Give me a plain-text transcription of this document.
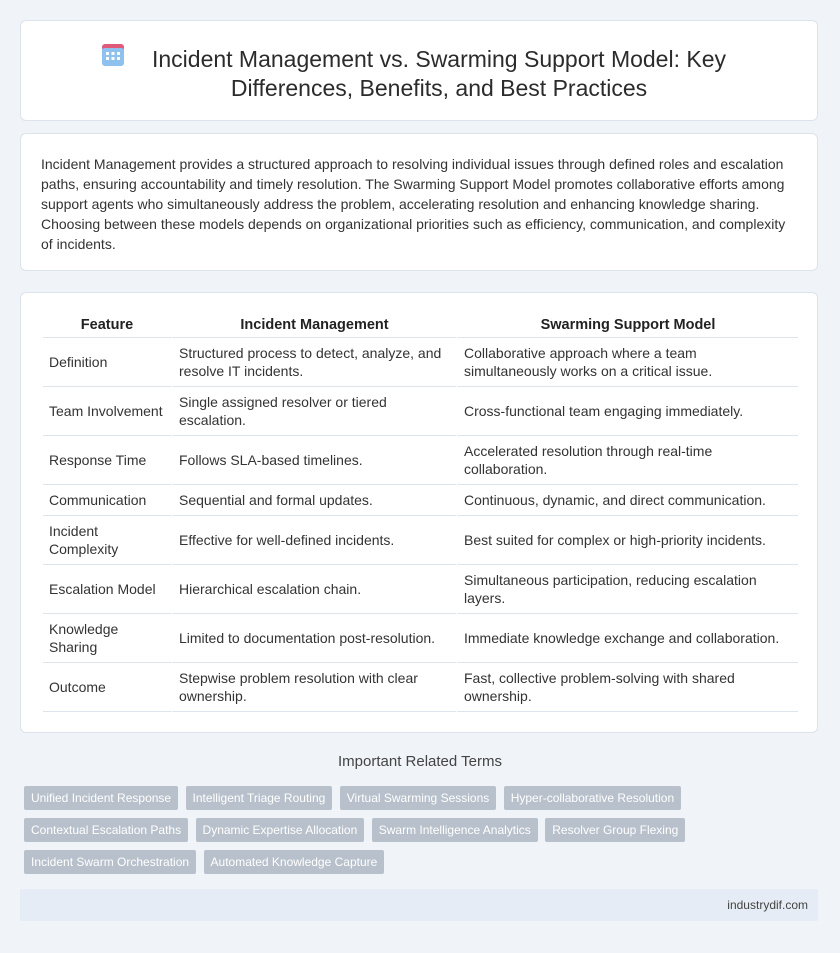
Incident Management vs. Swarming Support Model: Key Differences, Benefits, and Best Practices

Incident Management provides a structured approach to resolving individual issues through defined roles and escalation paths, ensuring accountability and timely resolution. The Swarming Support Model promotes collaborative efforts among support agents who simultaneously address the problem, accelerating resolution and enhancing knowledge sharing. Choosing between these models depends on organizational priorities such as efficiency, communication, and complexity of incidents.

Feature	Incident Management	Swarming Support Model
Definition	Structured process to detect, analyze, and resolve IT incidents.	Collaborative approach where a team simultaneously works on a critical issue.
Team Involvement	Single assigned resolver or tiered escalation.	Cross-functional team engaging immediately.
Response Time	Follows SLA-based timelines.	Accelerated resolution through real-time collaboration.
Communication	Sequential and formal updates.	Continuous, dynamic, and direct communication.
Incident Complexity	Effective for well-defined incidents.	Best suited for complex or high-priority incidents.
Escalation Model	Hierarchical escalation chain.	Simultaneous participation, reducing escalation layers.
Knowledge Sharing	Limited to documentation post-resolution.	Immediate knowledge exchange and collaboration.
Outcome	Stepwise problem resolution with clear ownership.	Fast, collective problem-solving with shared ownership.
Important Related Terms
Unified Incident Response Intelligent Triage Routing Virtual Swarming Sessions Hyper-collaborative Resolution Contextual Escalation Paths Dynamic Expertise Allocation Swarm Intelligence Analytics Resolver Group Flexing Incident Swarm Orchestration Automated Knowledge Capture
industrydif.com
